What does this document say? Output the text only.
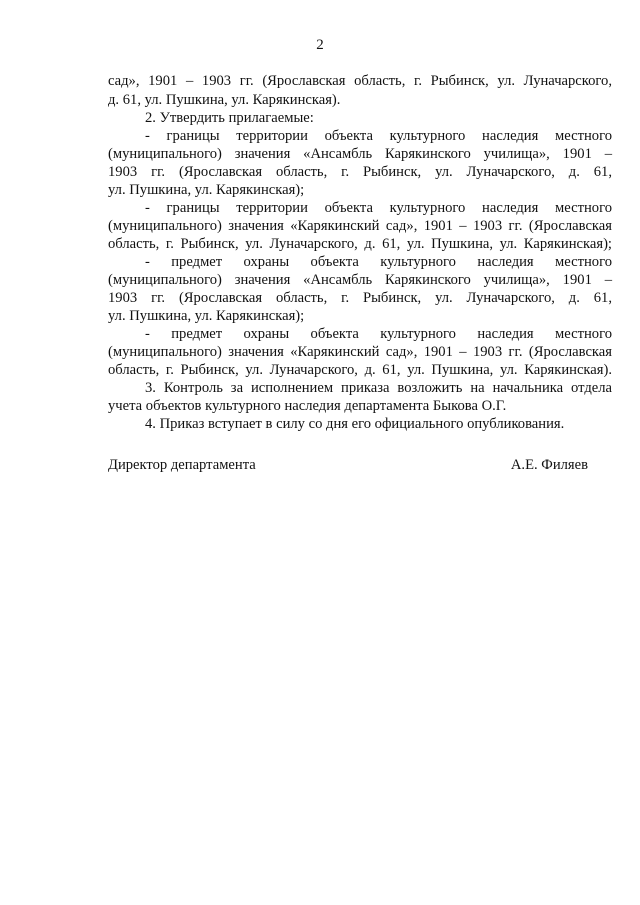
2
сад», 1901 – 1903 гг. (Ярославская область, г. Рыбинск, ул. Луначарского,
д. 61, ул. Пушкина, ул. Карякинская).
2. Утвердить прилагаемые:
- границы территории объекта культурного наследия местного
(муниципального) значения «Ансамбль Карякинского училища», 1901 –
1903 гг. (Ярославская область, г. Рыбинск, ул. Луначарского, д. 61,
ул. Пушкина, ул. Карякинская);
- границы территории объекта культурного наследия местного
(муниципального) значения «Карякинский сад», 1901 – 1903 гг. (Ярославская
область, г. Рыбинск, ул. Луначарского, д. 61, ул. Пушкина, ул. Карякинская);
- предмет охраны объекта культурного наследия местного
(муниципального) значения «Ансамбль Карякинского училища», 1901 –
1903 гг. (Ярославская область, г. Рыбинск, ул. Луначарского, д. 61,
ул. Пушкина, ул. Карякинская);
- предмет охраны объекта культурного наследия местного
(муниципального) значения «Карякинский сад», 1901 – 1903 гг. (Ярославская
область, г. Рыбинск, ул. Луначарского, д. 61, ул. Пушкина, ул. Карякинская).
3. Контроль за исполнением приказа возложить на начальника отдела
учета объектов культурного наследия департамента Быкова О.Г.
4. Приказ вступает в силу со дня его официального опубликования.
Директор департамента	А.Е. Филяев
